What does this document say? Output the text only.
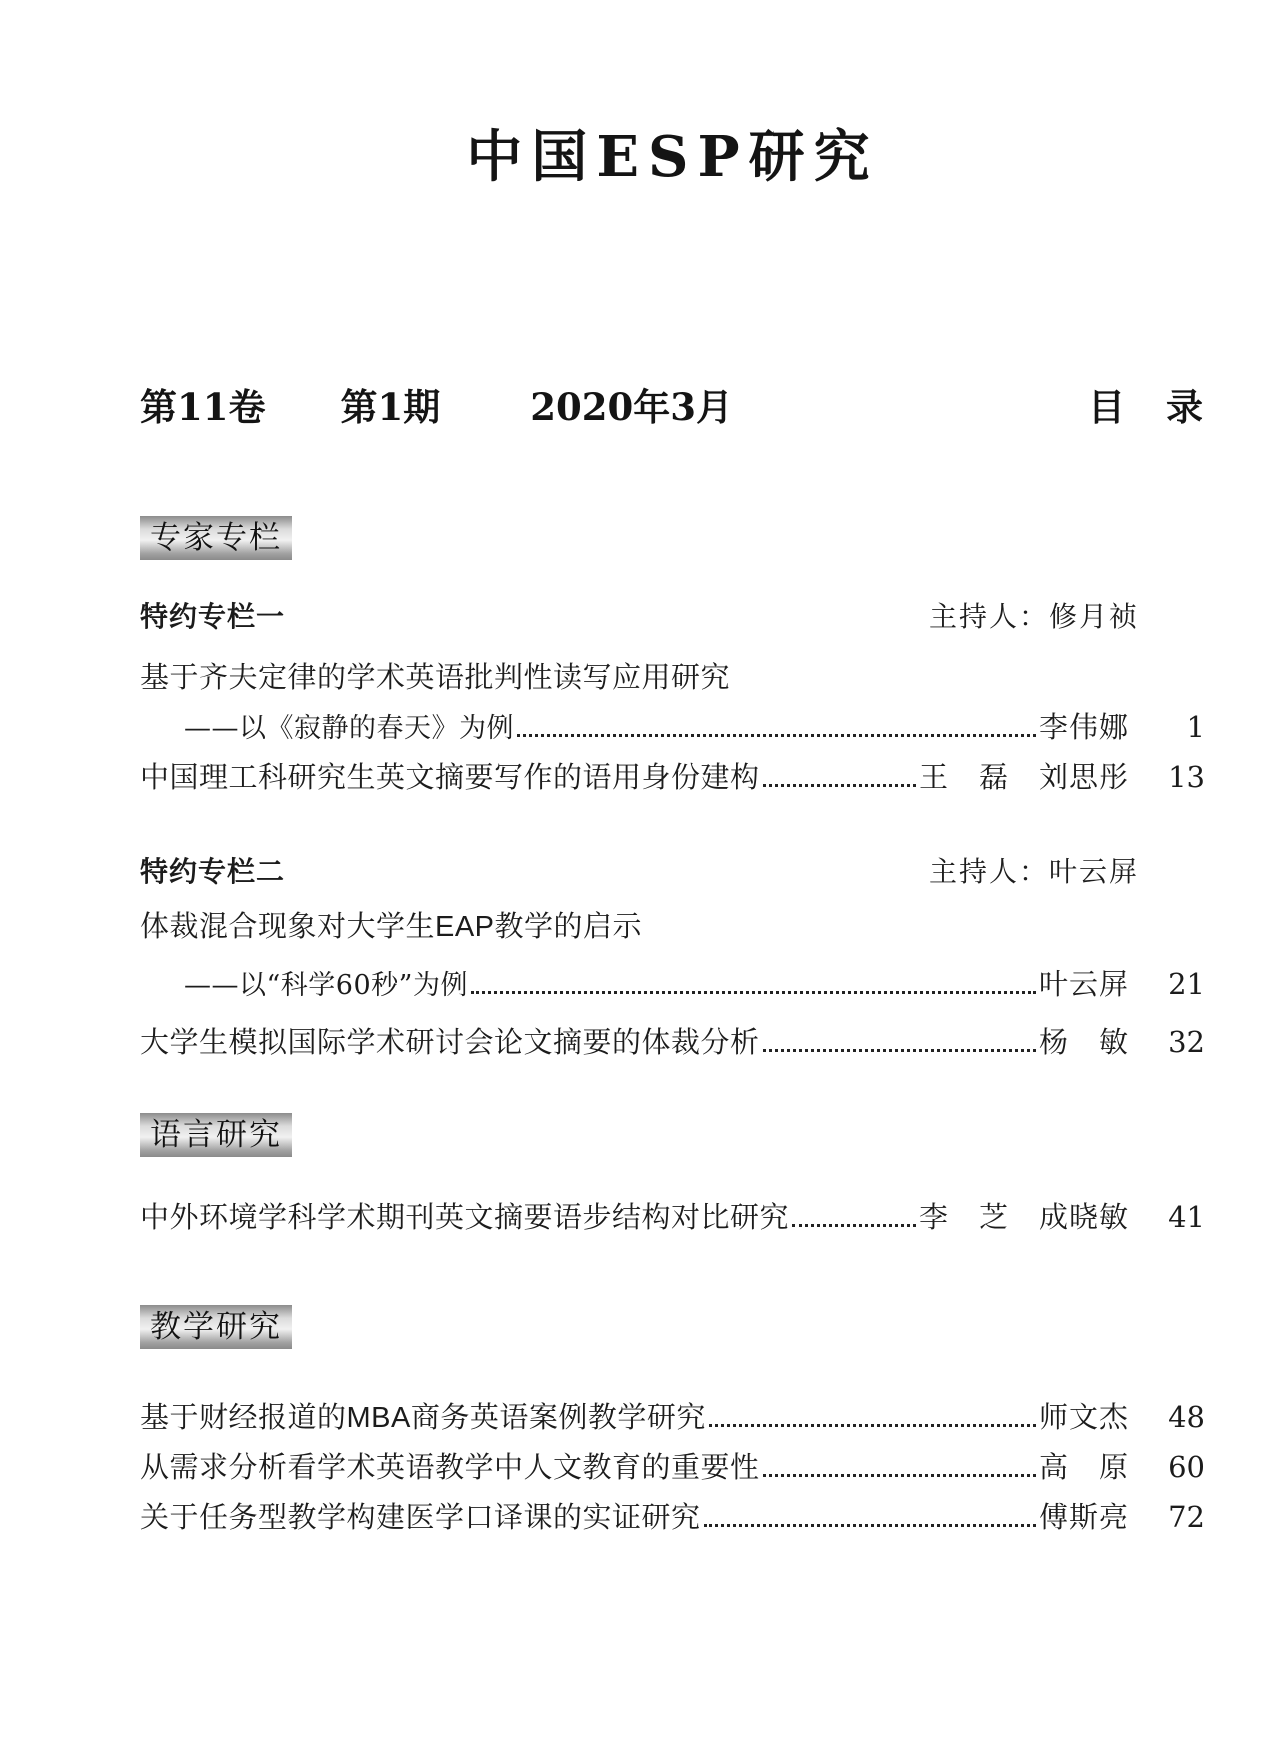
中国ESP研究
第11卷 第1期 2020年3月	目　录
专家专栏
特约专栏一	主持人：修月祯
基于齐夫定律的学术英语批判性读写应用研究
——以《寂静的春天》为例	李伟娜	1
中国理工科研究生英文摘要写作的语用身份建构	王　磊　刘思彤	13
特约专栏二	主持人：叶云屏
体裁混合现象对大学生EAP教学的启示
——以“科学60秒”为例	叶云屏	21
大学生模拟国际学术研讨会论文摘要的体裁分析	杨　敏	32
语言研究
中外环境学科学术期刊英文摘要语步结构对比研究	李　芝　成晓敏	41
教学研究
基于财经报道的MBA商务英语案例教学研究	师文杰	48
从需求分析看学术英语教学中人文教育的重要性	高　原	60
关于任务型教学构建医学口译课的实证研究	傅斯亮	72
